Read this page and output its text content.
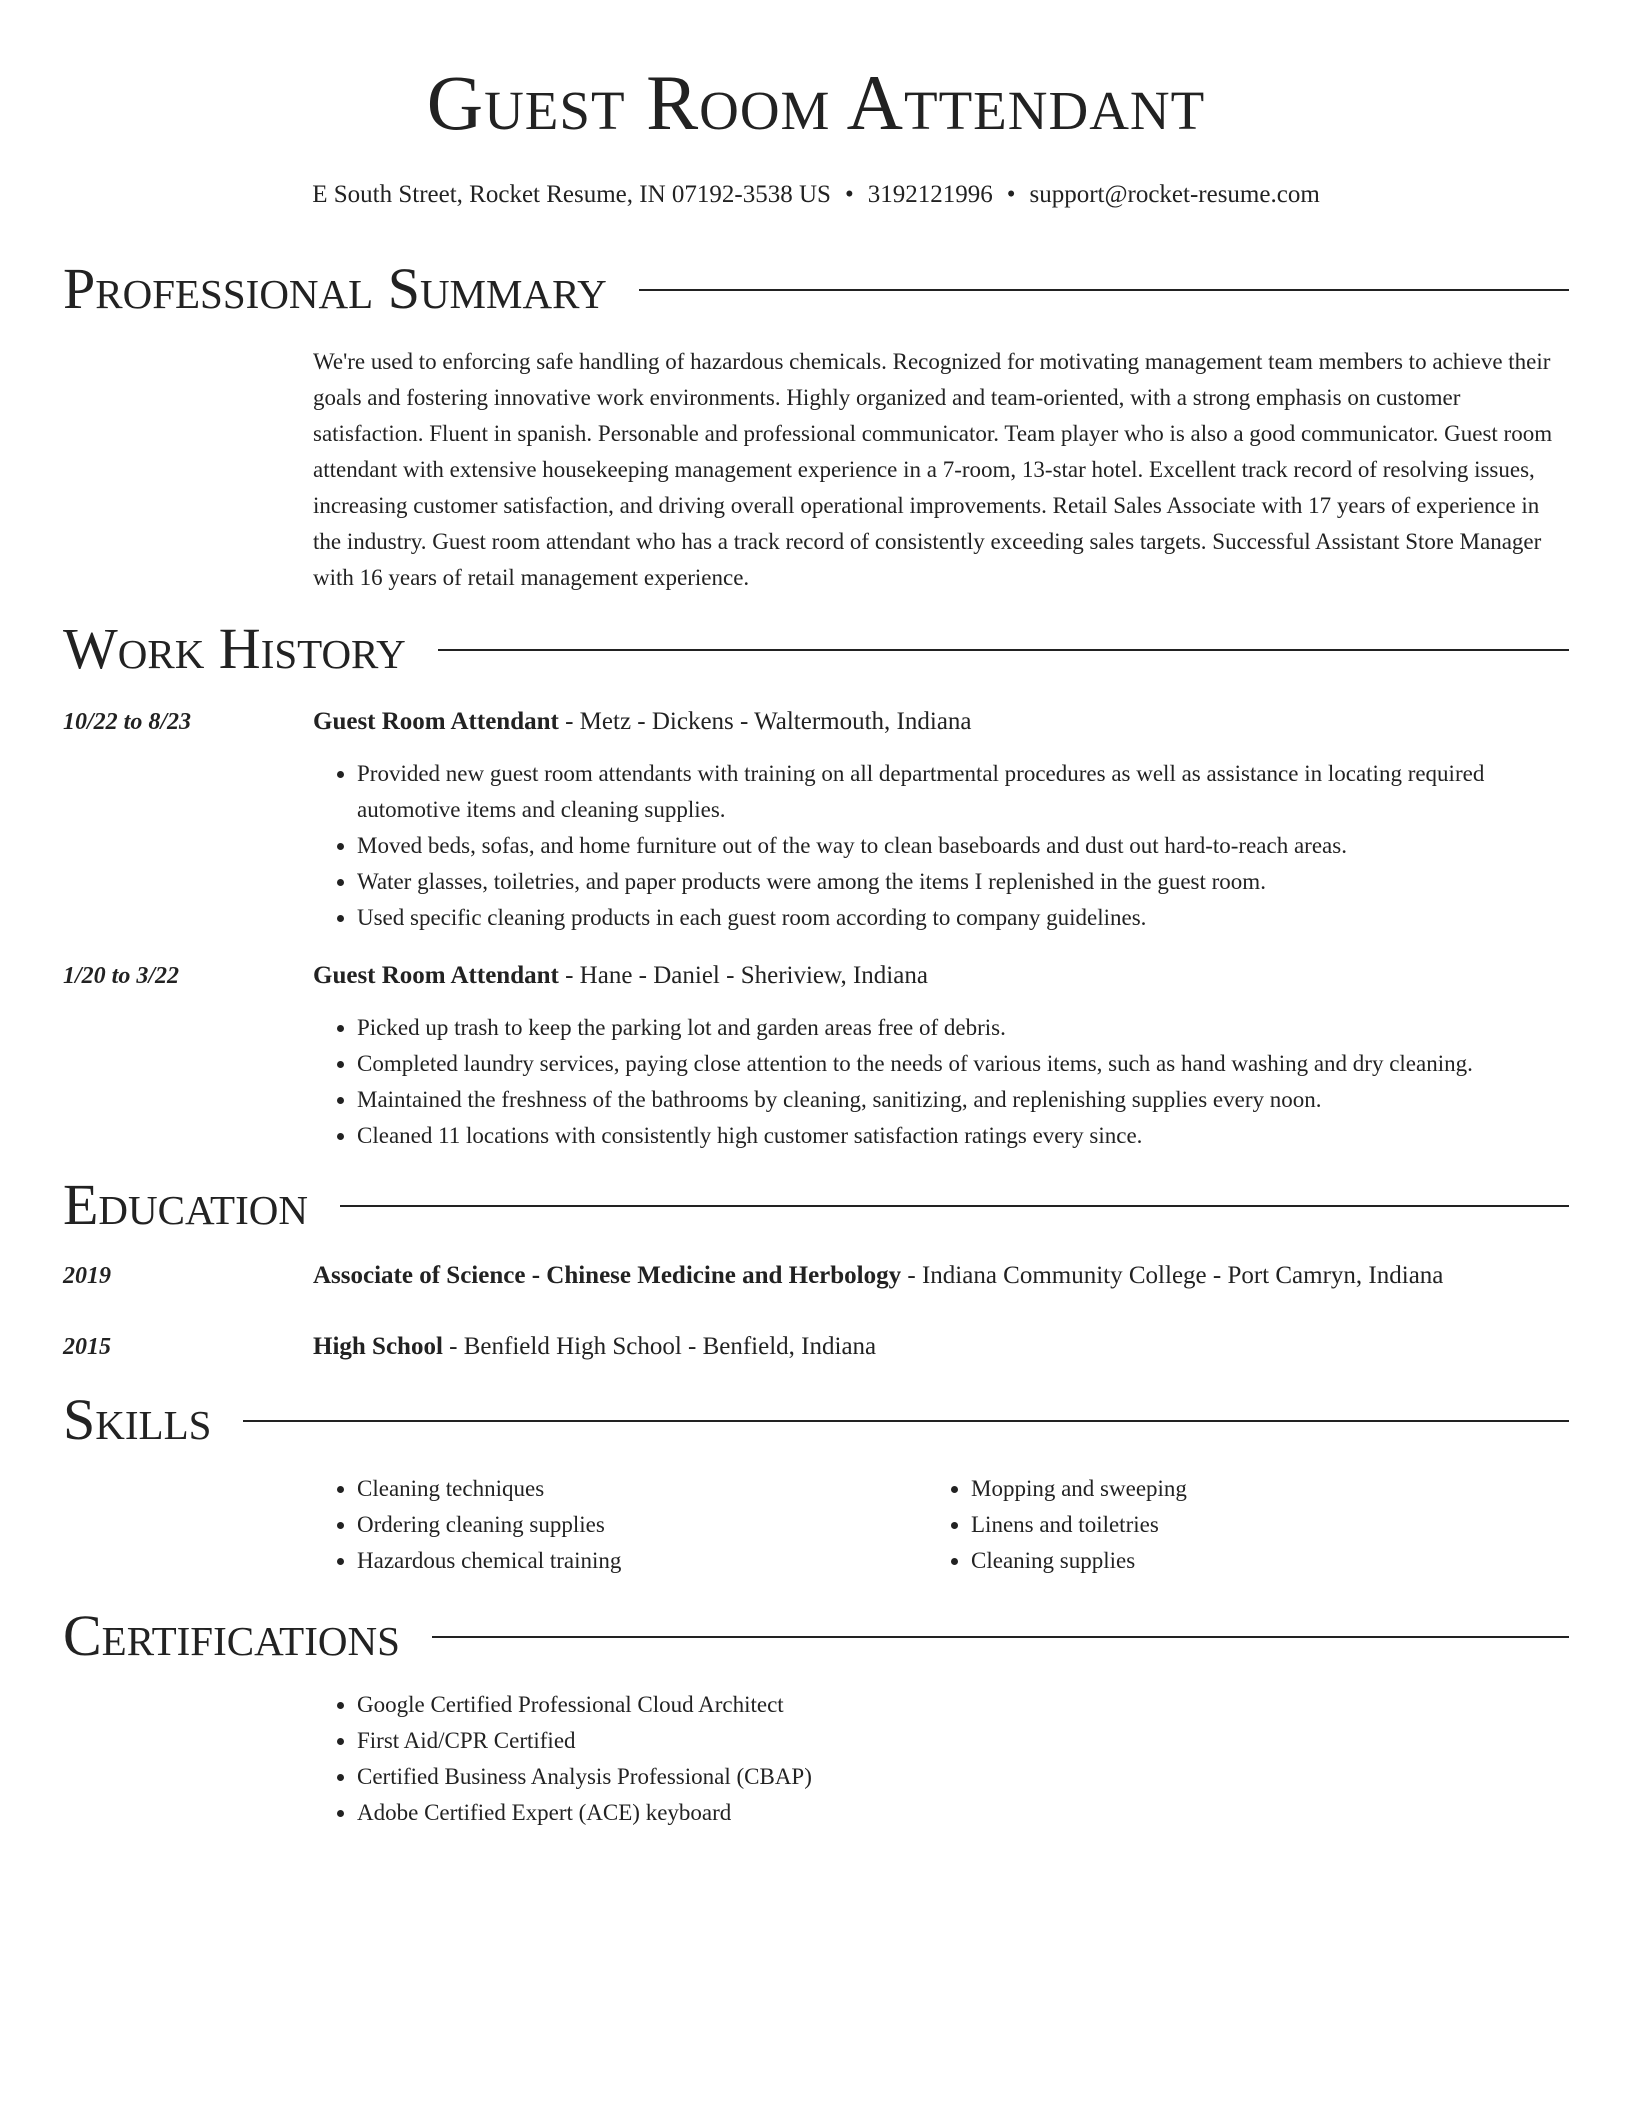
Guest Room Attendant
E South Street, Rocket Resume, IN 07192-3538 US • 3192121996 • support@rocket-resume.com
Professional Summary
We're used to enforcing safe handling of hazardous chemicals. Recognized for motivating management team members to achieve their goals and fostering innovative work environments. Highly organized and team-oriented, with a strong emphasis on customer satisfaction. Fluent in spanish. Personable and professional communicator. Team player who is also a good communicator. Guest room attendant with extensive housekeeping management experience in a 7-room, 13-star hotel. Excellent track record of resolving issues, increasing customer satisfaction, and driving overall operational improvements. Retail Sales Associate with 17 years of experience in the industry. Guest room attendant who has a track record of consistently exceeding sales targets. Successful Assistant Store Manager with 16 years of retail management experience.
Work History
10/22 to 8/23	Guest Room Attendant - Metz - Dickens - Waltermouth, Indiana
• Provided new guest room attendants with training on all departmental procedures as well as assistance in locating required automotive items and cleaning supplies.
• Moved beds, sofas, and home furniture out of the way to clean baseboards and dust out hard-to-reach areas.
• Water glasses, toiletries, and paper products were among the items I replenished in the guest room.
• Used specific cleaning products in each guest room according to company guidelines.
1/20 to 3/22	Guest Room Attendant - Hane - Daniel - Sheriview, Indiana
• Picked up trash to keep the parking lot and garden areas free of debris.
• Completed laundry services, paying close attention to the needs of various items, such as hand washing and dry cleaning.
• Maintained the freshness of the bathrooms by cleaning, sanitizing, and replenishing supplies every noon.
• Cleaned 11 locations with consistently high customer satisfaction ratings every since.
Education
2019	Associate of Science - Chinese Medicine and Herbology - Indiana Community College - Port Camryn, Indiana
2015	High School - Benfield High School - Benfield, Indiana
Skills
• Cleaning techniques
• Ordering cleaning supplies
• Hazardous chemical training
• Mopping and sweeping
• Linens and toiletries
• Cleaning supplies
Certifications
• Google Certified Professional Cloud Architect
• First Aid/CPR Certified
• Certified Business Analysis Professional (CBAP)
• Adobe Certified Expert (ACE) keyboard
